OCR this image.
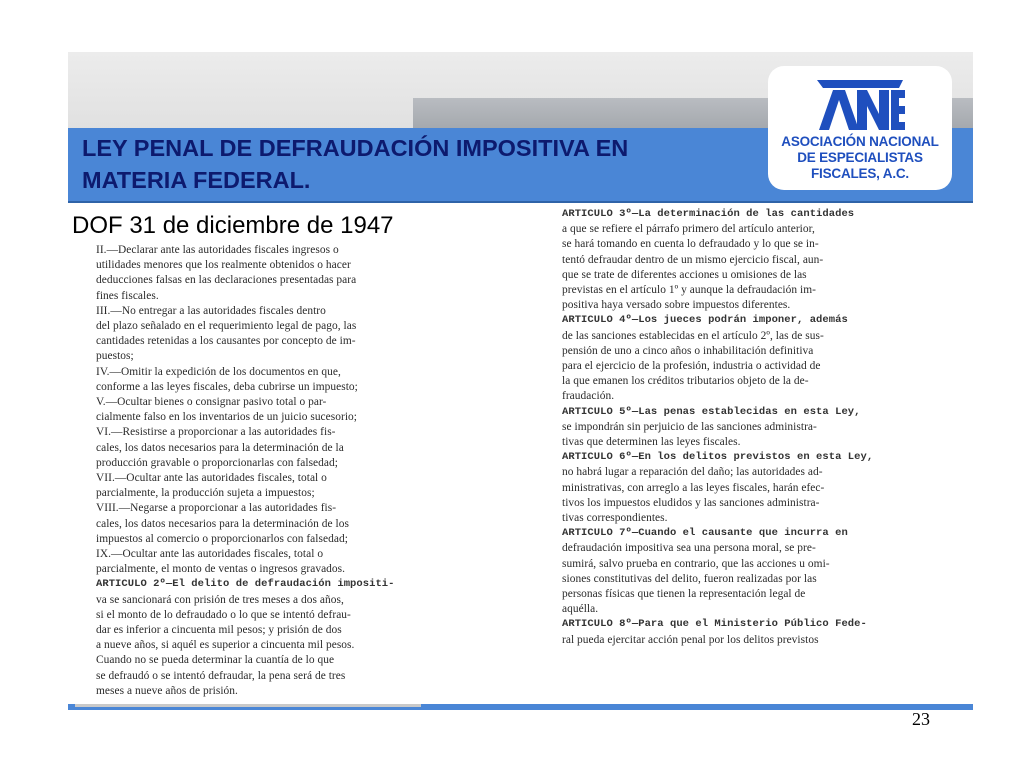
LEY PENAL DE DEFRAUDACIÓN IMPOSITIVA EN
MATERIA FEDERAL.

ASOCIACIÓN NACIONAL
DE ESPECIALISTAS
FISCALES, A.C.

DOF 31 de diciembre de 1947

II.—Declarar ante las autoridades fiscales ingresos o
utilidades menores que los realmente obtenidos o hacer
deducciones falsas en las declaraciones presentadas para
fines fiscales.
III.—No entregar a las autoridades fiscales dentro
del plazo señalado en el requerimiento legal de pago, las
cantidades retenidas a los causantes por concepto de im-
puestos;
IV.—Omitir la expedición de los documentos en que,
conforme a las leyes fiscales, deba cubrirse un impuesto;
V.—Ocultar bienes o consignar pasivo total o par-
cialmente falso en los inventarios de un juicio sucesorio;
VI.—Resistirse a proporcionar a las autoridades fis-
cales, los datos necesarios para la determinación de la
producción gravable o proporcionarlas con falsedad;
VII.—Ocultar ante las autoridades fiscales, total o
parcialmente, la producción sujeta a impuestos;
VIII.—Negarse a proporcionar a las autoridades fis-
cales, los datos necesarios para la determinación de los
impuestos al comercio o proporcionarlos con falsedad;
IX.—Ocultar ante las autoridades fiscales, total o
parcialmente, el monto de ventas o ingresos gravados.
ARTICULO 2º—El delito de defraudación impositi-
va se sancionará con prisión de tres meses a dos años,
si el monto de lo defraudado o lo que se intentó defrau-
dar es inferior a cincuenta mil pesos; y prisión de dos
a nueve años, si aquél es superior a cincuenta mil pesos.
Cuando no se pueda determinar la cuantía de lo que
se defraudó o se intentó defraudar, la pena será de tres
meses a nueve años de prisión.
ARTICULO 3º—La determinación de las cantidades
a que se refiere el párrafo primero del artículo anterior,
se hará tomando en cuenta lo defraudado y lo que se in-
tentó defraudar dentro de un mismo ejercicio fiscal, aun-
que se trate de diferentes acciones u omisiones de las
previstas en el artículo 1º y aunque la defraudación im-
positiva haya versado sobre impuestos diferentes.
ARTICULO 4º—Los jueces podrán imponer, además
de las sanciones establecidas en el artículo 2º, las de sus-
pensión de uno a cinco años o inhabilitación definitiva
para el ejercicio de la profesión, industria o actividad de
la que emanen los créditos tributarios objeto de la de-
fraudación.
ARTICULO 5º—Las penas establecidas en esta Ley,
se impondrán sin perjuicio de las sanciones administra-
tivas que determinen las leyes fiscales.
ARTICULO 6º—En los delitos previstos en esta Ley,
no habrá lugar a reparación del daño; las autoridades ad-
ministrativas, con arreglo a las leyes fiscales, harán efec-
tivos los impuestos eludidos y las sanciones administra-
tivas correspondientes.
ARTICULO 7º—Cuando el causante que incurra en
defraudación impositiva sea una persona moral, se pre-
sumirá, salvo prueba en contrario, que las acciones u omi-
siones constitutivas del delito, fueron realizadas por las
personas físicas que tienen la representación legal de
aquélla.
ARTICULO 8º—Para que el Ministerio Público Fede-
ral pueda ejercitar acción penal por los delitos previstos

23
